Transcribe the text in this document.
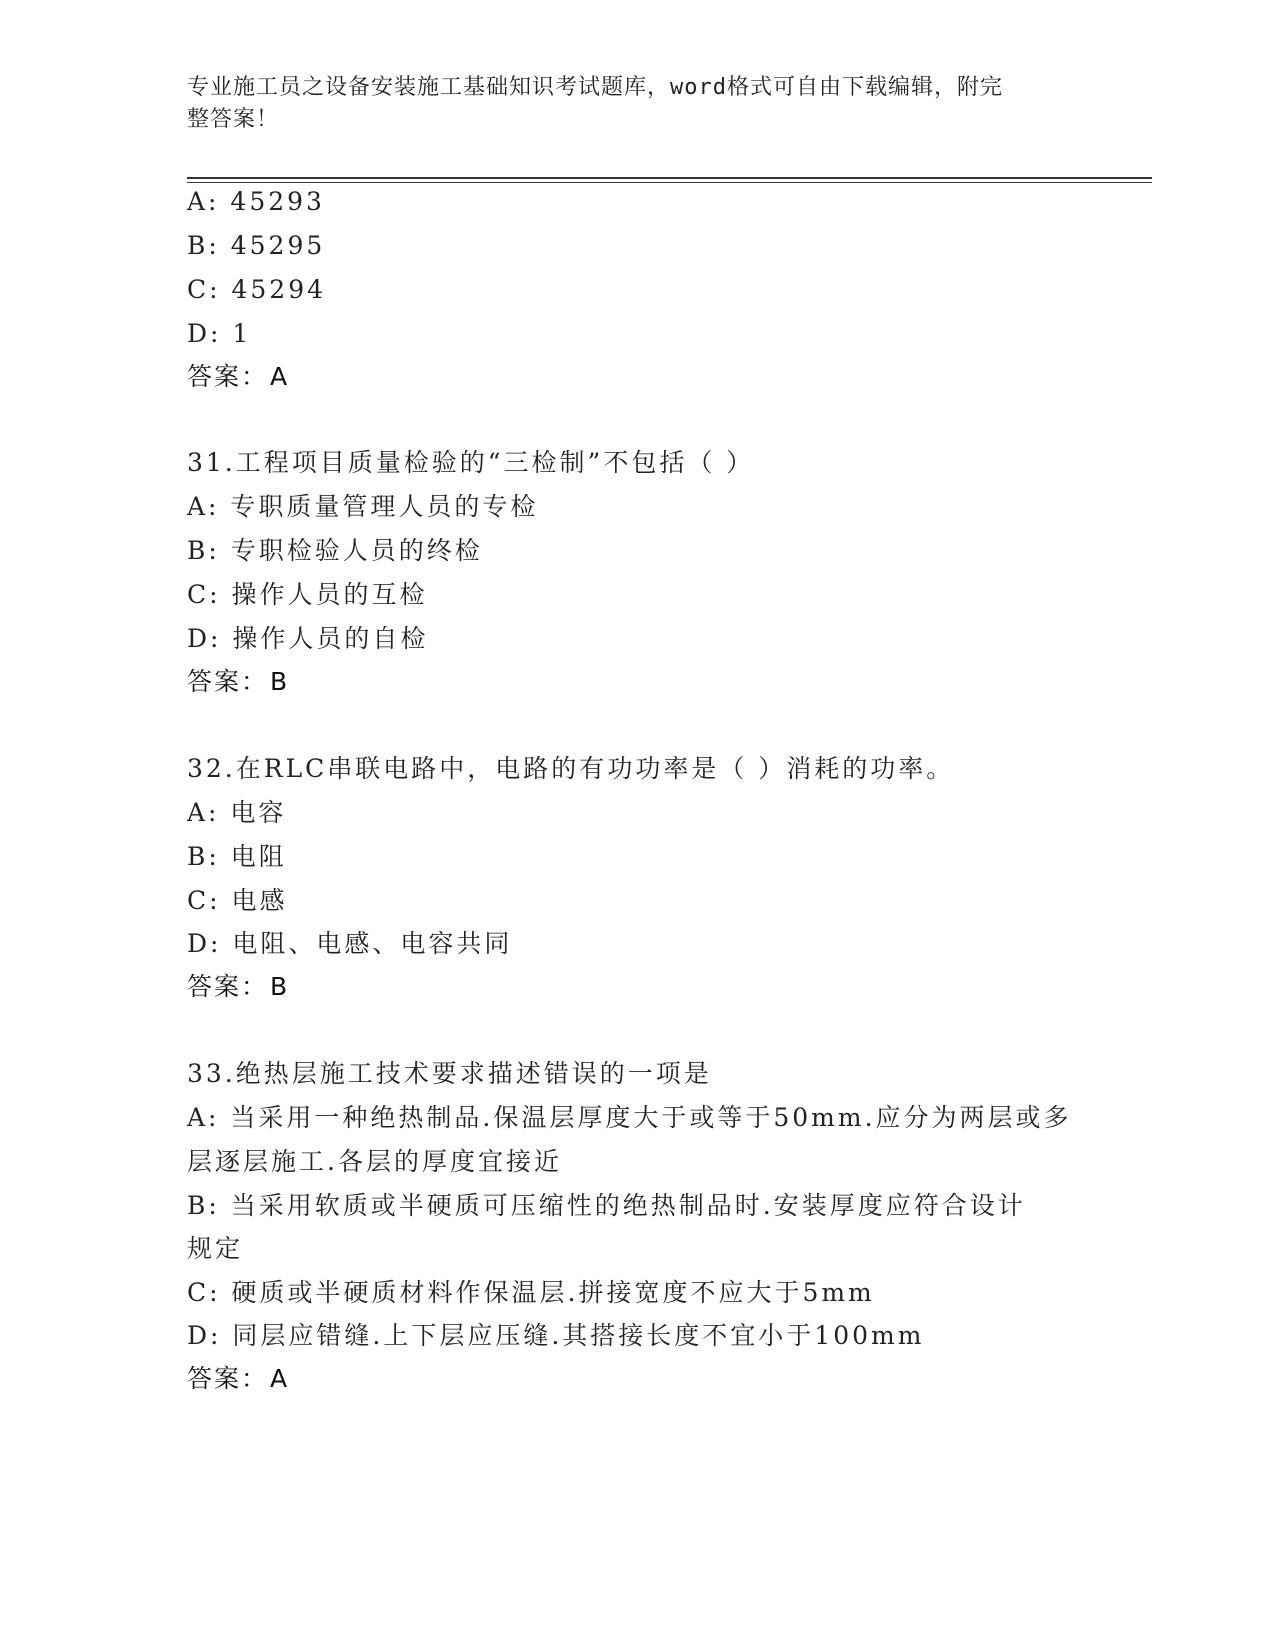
专业施工员之设备安装施工基础知识考试题库，word格式可自由下载编辑，附完
整答案！
A: 45293
B: 45295
C: 45294
D: 1
答案：A
31.工程项目质量检验的“三检制”不包括（ ）
A: 专职质量管理人员的专检
B: 专职检验人员的终检
C: 操作人员的互检
D: 操作人员的自检
答案：B
32.在RLC串联电路中，电路的有功功率是（ ）消耗的功率。
A: 电容
B: 电阻
C: 电感
D: 电阻、电感、电容共同
答案：B
33.绝热层施工技术要求描述错误的一项是
A: 当采用一种绝热制品.保温层厚度大于或等于50mm.应分为两层或多
层逐层施工.各层的厚度宜接近
B: 当采用软质或半硬质可压缩性的绝热制品时.安装厚度应符合设计
规定
C: 硬质或半硬质材料作保温层.拼接宽度不应大于5mm
D: 同层应错缝.上下层应压缝.其搭接长度不宜小于100mm
答案：A
